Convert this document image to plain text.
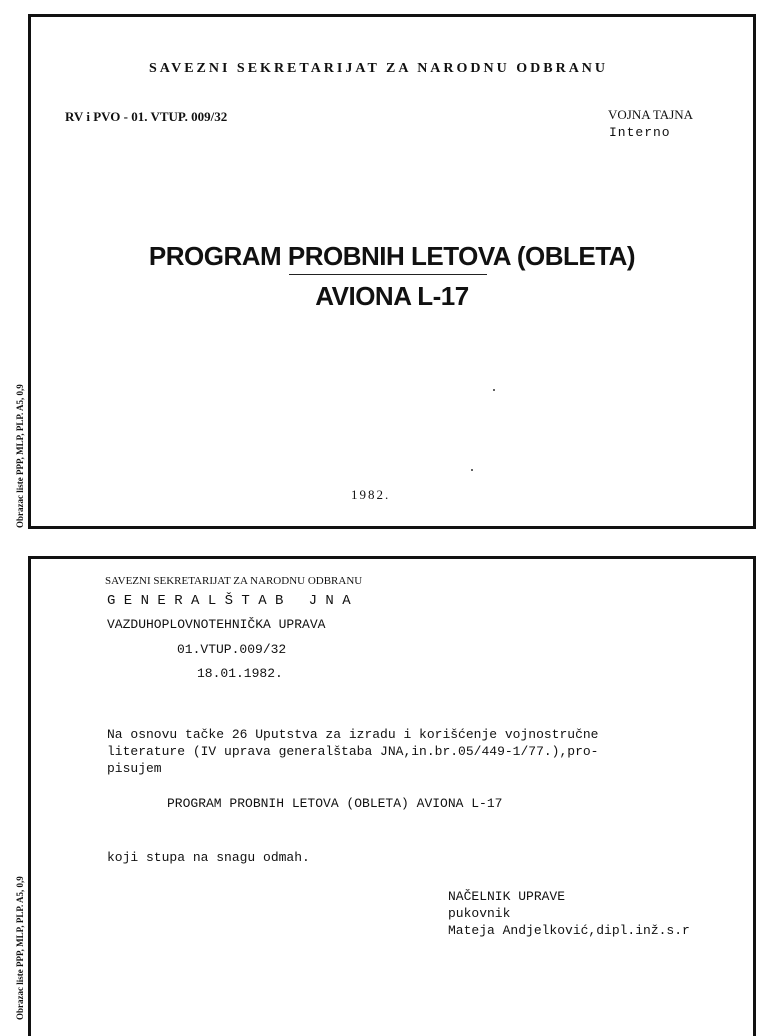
Obrazac liste PPP, MLP, PLP. A5, 0,9
Obrazac liste PPP, MLP, PLP. A5, 0,9
SAVEZNI SEKRETARIJAT ZA NARODNU ODBRANU
RV i PVO - 01. VTUP. 009/32	VOJNA TAJNA
Interno
PROGRAM PROBNIH LETOVA (OBLETA)
AVIONA L-17
1982.
SAVEZNI SEKRETARIJAT ZA NARODNU ODBRANU
G E N E R A L Š T A B   J N A
VAZDUHOPLOVNOTEHNIČKA UPRAVA
01.VTUP.009/32
18.01.1982.
Na osnovu tačke 26 Uputstva za izradu i korišćenje vojnostručne
literature (IV uprava generalštaba JNA,in.br.05/449-1/77.),pro-
pisujem
PROGRAM PROBNIH LETOVA (OBLETA) AVIONA L-17
koji stupa na snagu odmah.
NAČELNIK UPRAVE
pukovnik
Mateja Andjelković,dipl.inž.s.r
